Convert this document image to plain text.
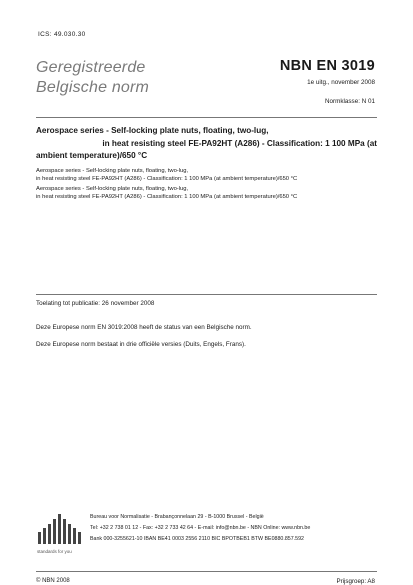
ICS: 49.030.30
Geregistreerde
Belgische norm
NBN EN 3019
1e uitg., november 2008
Normklasse: N 01
Aerospace series - Self-locking plate nuts, floating, two-lug,
in heat resisting steel FE-PA92HT (A286) - Classification: 1 100 MPa (at
ambient temperature)/650 °C
Aerospace series - Self-locking plate nuts, floating, two-lug,
in heat resisting steel FE-PA92HT (A286) - Classification: 1 100 MPa (at ambient temperature)/650 °C
Aerospace series - Self-locking plate nuts, floating, two-lug,
in heat resisting steel FE-PA92HT (A286) - Classification: 1 100 MPa (at ambient temperature)/650 °C
Toelating tot publicatie: 26 november 2008
Deze Europese norm EN 3019:2008 heeft de status van een Belgische norm.
Deze Europese norm bestaat in drie officiële versies (Duits, Engels, Frans).
standards for you
Bureau voor Normalisatie - Brabançonnelaan 29 - B-1000 Brussel - België
Tel: +32 2 738 01 12 - Fax: +32 2 733 42 64 - E-mail: info@nbn.be - NBN Online: www.nbn.be
Bank 000-3255621-10 IBAN BE41 0003 2556 2110 BIC BPOTBEB1 BTW BE0880.857.592
© NBN 2008	Prijsgroep: A8
